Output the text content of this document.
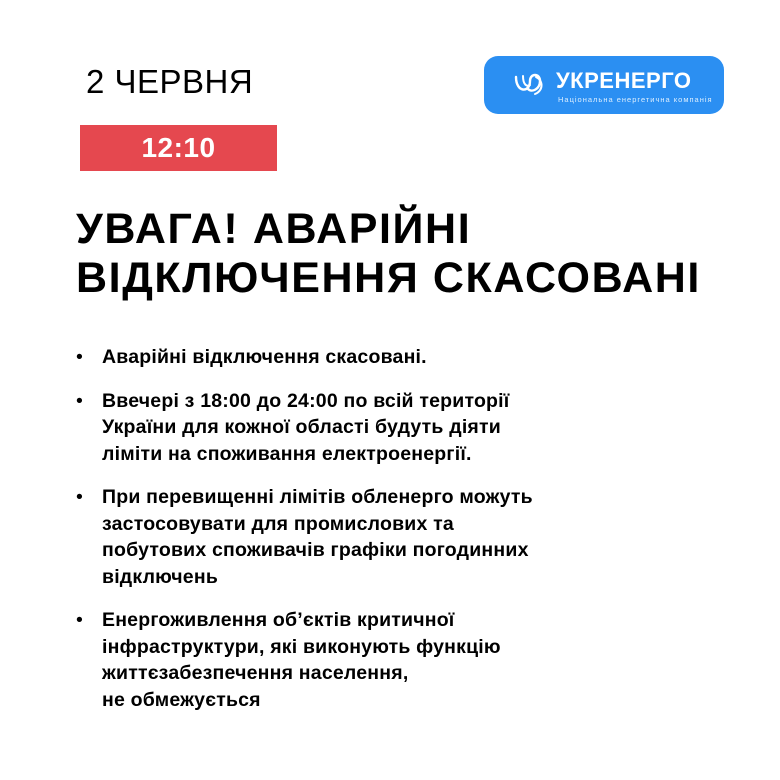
2 ЧЕРВНЯ	УКРЕНЕРГО
Національна енергетична компанія
12:10
УВАГА! АВАРІЙНІ
ВІДКЛЮЧЕННЯ СКАСОВАНІ
• Аварійні відключення скасовані.
• Ввечері з 18:00 до 24:00 по всій території
України для кожної області будуть діяти
ліміти на споживання електроенергії.
• При перевищенні лімітів обленерго можуть
застосовувати для промислових та
побутових споживачів графіки погодинних
відключень
• Енергоживлення об’єктів критичної
інфраструктури, які виконують функцію
життєзабезпечення населення,
не обмежується
